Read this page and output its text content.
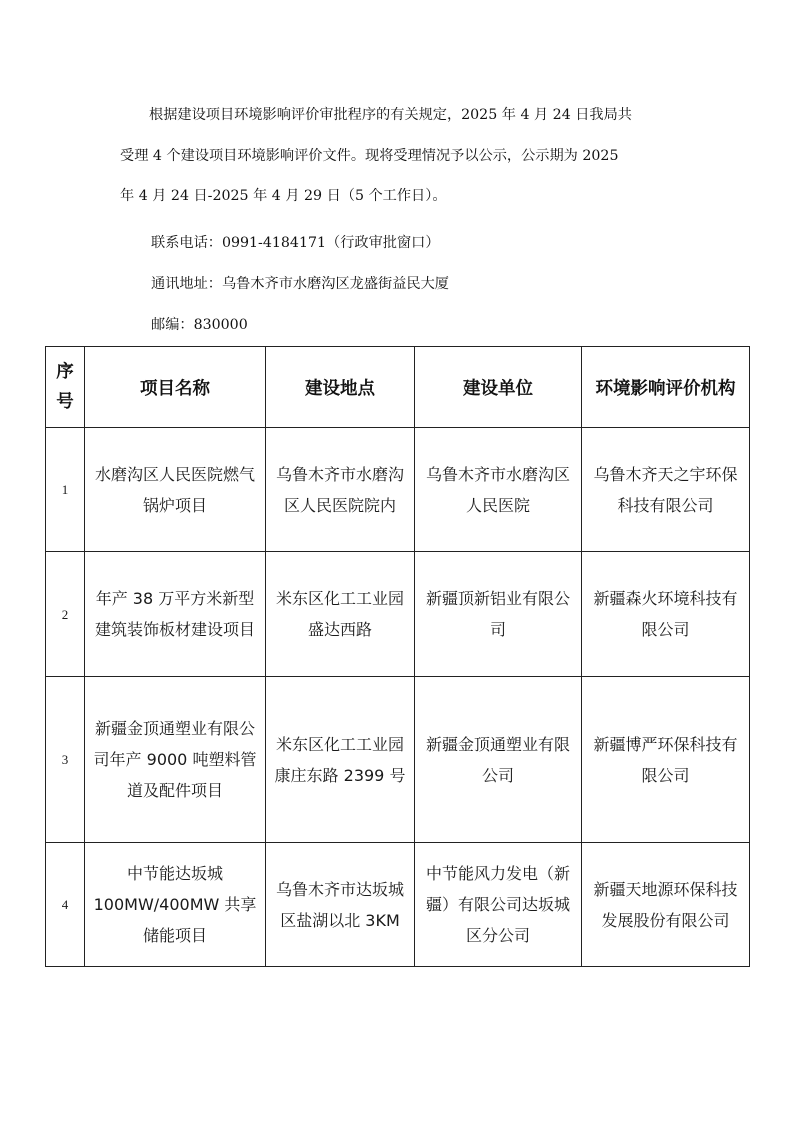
根据建设项目环境影响评价审批程序的有关规定，2025 年 4 月 24 日我局共

受理 4 个建设项目环境影响评价文件。现将受理情况予以公示，公示期为 2025

年 4 月 24 日-2025 年 4 月 29 日（5 个工作日）。

联系电话：0991-4184171（行政审批窗口）
通讯地址：乌鲁木齐市水磨沟区龙盛街益民大厦
邮编：830000
序号	项目名称	建设地点	建设单位	环境影响评价机构
1	水磨沟区人民医院燃气锅炉项目	乌鲁木齐市水磨沟区人民医院院内	乌鲁木齐市水磨沟区人民医院	乌鲁木齐天之宇环保科技有限公司
2	年产 38 万平方米新型建筑装饰板材建设项目	米东区化工工业园盛达西路	新疆顶新铝业有限公司	新疆森火环境科技有限公司
3	新疆金顶通塑业有限公司年产 9000 吨塑料管道及配件项目	米东区化工工业园康庄东路 2399 号	新疆金顶通塑业有限公司	新疆博严环保科技有限公司
4	中节能达坂城 100MW/400MW 共享储能项目	乌鲁木齐市达坂城区盐湖以北 3KM	中节能风力发电（新疆）有限公司达坂城区分公司	新疆天地源环保科技发展股份有限公司
